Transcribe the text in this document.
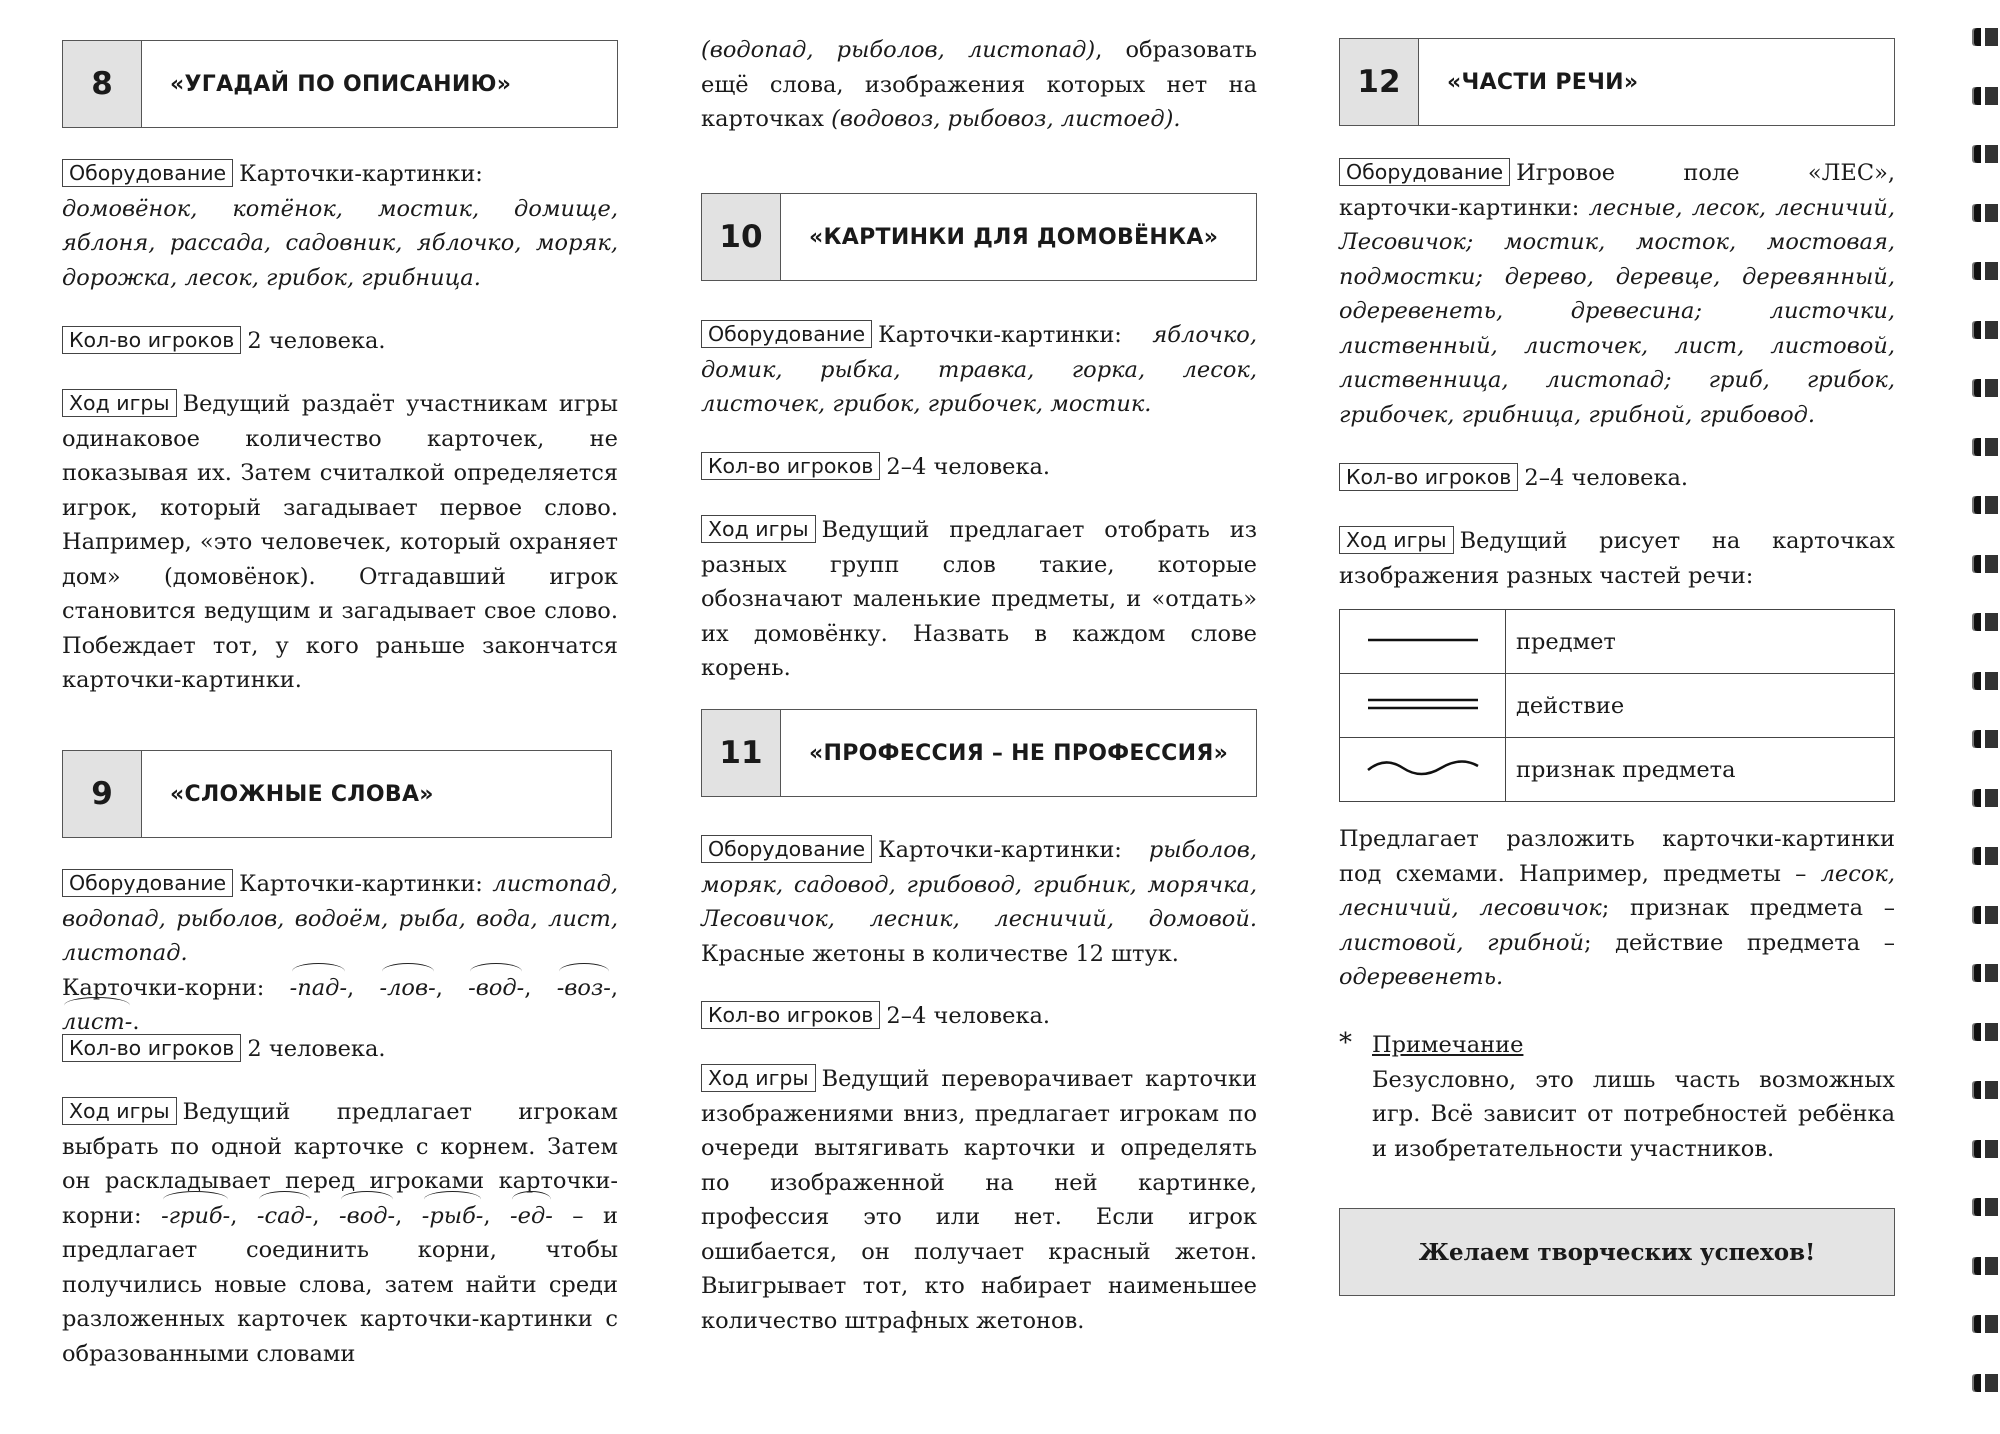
8	«УГАДАЙ ПО ОПИСАНИЮ»

Оборудование Карточки-картинки: домовёнок, котёнок, мостик, домище, яблоня, рассада, садовник, яблочко, моряк, дорожка, лесок, грибок, грибница.

Кол-во игроков 2 человека.

Ход игры Ведущий раздаёт участникам игры одинаковое количество карточек, не показывая их. Затем считалкой определяется игрок, который загадывает первое слово. Например, «это человечек, который охраняет дом» (домовёнок). Отгадавший игрок становится ведущим и загадывает свое слово. Побеждает тот, у кого раньше закончатся карточки-картинки.

9	«СЛОЖНЫЕ СЛОВА»

Оборудование Карточки-картинки: листопад, водопад, рыболов, водоём, рыба, вода, лист, листопад.
Карточки-корни: -пад-, -лов-, -вод-, -воз-, лист-.

Кол-во игроков 2 человека.

Ход игры Ведущий предлагает игрокам выбрать по одной карточке с корнем. Затем он раскладывает перед игроками карточки-корни: -гриб-, -сад-, -вод-, -рыб-, -ед- – и предлагает соединить корни, чтобы получились новые слова, затем найти среди разложенных карточек карточки-картинки с образованными словами

(водопад, рыболов, листопад), образовать ещё слова, изображения которых нет на карточках (водовоз, рыбовоз, листоед).

10	«КАРТИНКИ ДЛЯ ДОМОВЁНКА»

Оборудование Карточки-картинки: яблочко, домик, рыбка, травка, горка, лесок, листочек, грибок, грибочек, мостик.

Кол-во игроков 2–4 человека.

Ход игры Ведущий предлагает отобрать из разных групп слов такие, которые обозначают маленькие предметы, и «отдать» их домовёнку. Назвать в каждом слове корень.

11	«ПРОФЕССИЯ – НЕ ПРОФЕССИЯ»

Оборудование Карточки-картинки: рыболов, моряк, садовод, грибовод, грибник, морячка, Лесовичок, лесник, лесничий, домовой. Красные жетоны в количестве 12 штук.

Кол-во игроков 2–4 человека.

Ход игры Ведущий переворачивает карточки изображениями вниз, предлагает игрокам по очереди вытягивать карточки и определять по изображенной на ней картинке, профессия это или нет. Если игрок ошибается, он получает красный жетон. Выигрывает тот, кто набирает наименьшее количество штрафных жетонов.

12	«ЧАСТИ РЕЧИ»

Оборудование Игровое поле «ЛЕС», карточки-картинки: лесные, лесок, лесничий, Лесовичок; мостик, мосток, мостовая, подмостки; дерево, деревце, деревянный, одеревенеть, древесина; листочки, лиственный, листочек, лист, листовой, лиственница, листопад; гриб, грибок, грибочек, грибница, грибной, грибовод.

Кол-во игроков 2–4 человека.

Ход игры Ведущий рисует на карточках изображения разных частей речи:

	предмет
	действие
	признак предмета

Предлагает разложить карточки-картинки под схемами. Например, предметы – лесок, лесничий, лесовичок; признак предмета – листовой, грибной; действие предмета – одеревенеть.

* Примечание

Безусловно, это лишь часть возможных игр. Всё зависит от потребностей ребёнка и изобретательности участников.

Желаем творческих успехов!
